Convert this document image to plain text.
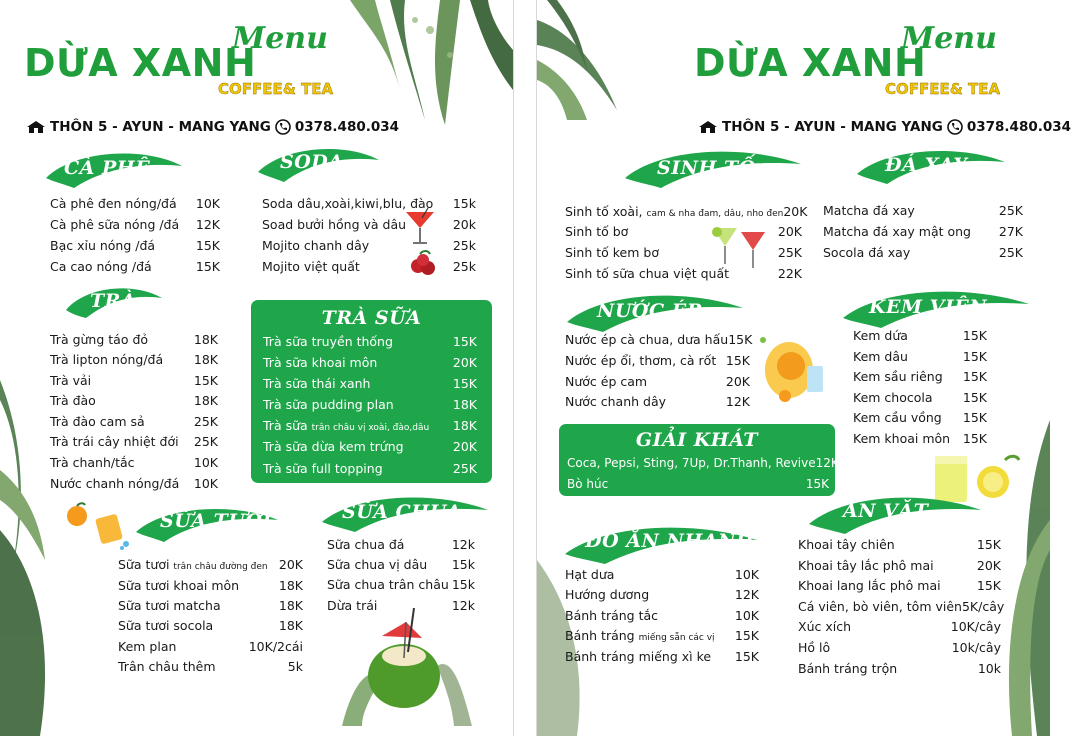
DỪA XANH
Menu
COFFEE& TEA
THÔN 5 - AYUN - MANG YANG 0378.480.034
CÀ PHÊ
Cà phê đen nóng/đá 10K
Cà phê sữa nóng /đá 12K
Bạc xỉu nóng /đá	15K
Ca cao nóng /đá	15K
SODA
Soda dâu,xoài,kiwi,blu, đào 15k
Soad bưởi hồng và dâu	20k
Mojito chanh dây	25k
Mojito việt quất	25k
TRÀ
Trà gừng táo đỏ	18K
Trà lipton nóng/đá 18K
Trà vải	15K
Trà đào	18K
Trà đào cam sả	25K
Trà trái cây nhiệt đới 25K
Trà chanh/tắc	10K
Nước chanh nóng/đá 10K
TRÀ SỮA
Trà sữa truyền thống	15K
Trà sữa khoai môn	20K
Trà sữa thái xanh	15K
Trà sữa pudding plan	18K
Trà sữa trân châu vị xoài, đào,dâu 18K
Trà sữa dừa kem trứng	20K
Trà sữa full topping	25K
SỮA TƯƠI
Sữa tươi trân châu đường đen 20K
Sữa tươi khoai môn	18K
Sữa tươi matcha	18K
Sữa tươi socola	18K
Kem plan	10K/2cái
Trân châu thêm	5k
SỮA CHUA
Sữa chua đá	12k
Sữa chua vị dâu 15k
Sữa chua trân châu 15k
Dừa trái	12k
DỪA XANH
Menu
COFFEE& TEA
THÔN 5 - AYUN - MANG YANG 0378.480.034
SINH TỐ
Sinh tố xoài, cam & nha đam, dâu, nho đen 20K
Sinh tố bơ	20K
Sinh tố kem bơ	25K
Sinh tố sữa chua việt quất	22K
ĐÁ XAY
Matcha đá xay	25K
Matcha đá xay mật ong 27K
Socola đá xay	25K
NƯỚC ÉP
Nước ép cà chua, dưa hấu 15K
Nước ép ổi, thơm, cà rốt 15K
Nước ép cam	20K
Nước chanh dây	12K
KEM VIÊN
Kem dứa	15K
Kem dâu	15K
Kem sầu riêng 15K
Kem chocola 15K
Kem cầu vồng 15K
Kem khoai môn 15K
GIẢI KHÁT
Coca, Pepsi, Sting, 7Up, Dr.Thanh, Revive 12K
Bò húc	15K
ĐỒ ĂN NHANH
Hạt dưa	10K
Hướng dương	12K
Bánh tráng tắc	10K
Bánh tráng miếng sẵn các vị 15K
Bánh tráng miếng xì ke 15K
ĂN VẶT
Khoai tây chiên	15K
Khoai tây lắc phô mai	20K
Khoai lang lắc phô mai	15K
Cá viên, bò viên, tôm viên 5K/cây
Xúc xích	10K/cây
Hồ lô	10k/cây
Bánh tráng trộn	10k
